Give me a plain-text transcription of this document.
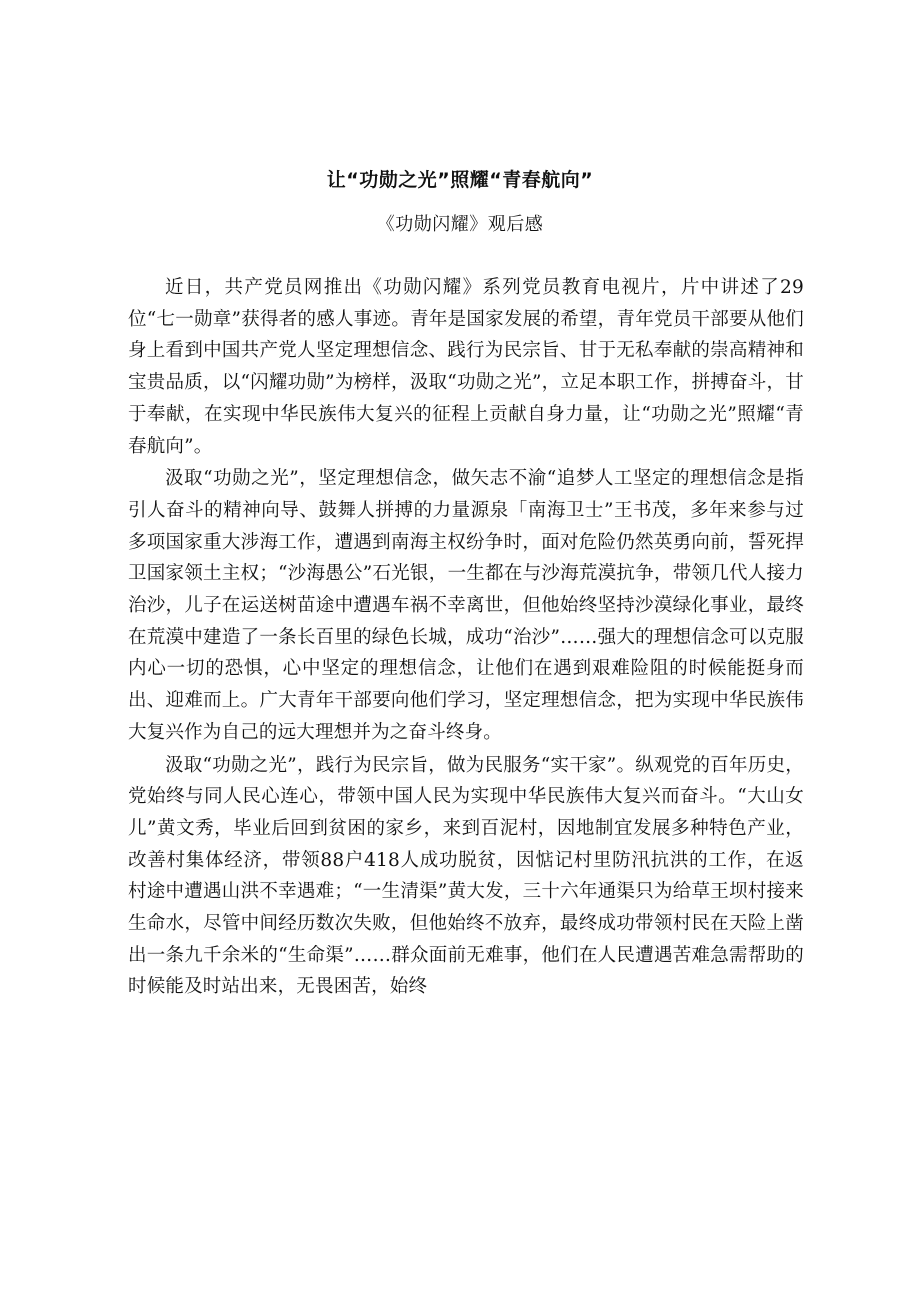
让“功勋之光”照耀“青春航向”
《功勋闪耀》观后感

近日，共产党员网推出《功勋闪耀》系列党员教育电视片，片中讲述了29位“七一勋章”获得者的感人事迹。青年是国家发展的希望，青年党员干部要从他们身上看到中国共产党人坚定理想信念、践行为民宗旨、甘于无私奉献的崇高精神和宝贵品质，以“闪耀功勋”为榜样，汲取“功勋之光”，立足本职工作，拼搏奋斗，甘于奉献，在实现中华民族伟大复兴的征程上贡献自身力量，让“功勋之光”照耀“青春航向”。

汲取“功勋之光”，坚定理想信念，做矢志不渝“追梦人工坚定的理想信念是指引人奋斗的精神向导、鼓舞人拼搏的力量源泉「南海卫士”王书茂，多年来参与过多项国家重大涉海工作，遭遇到南海主权纷争时，面对危险仍然英勇向前，誓死捍卫国家领土主权；“沙海愚公”石光银，一生都在与沙海荒漠抗争，带领几代人接力治沙，儿子在运送树苗途中遭遇车祸不幸离世，但他始终坚持沙漠绿化事业，最终在荒漠中建造了一条长百里的绿色长城，成功“治沙”……强大的理想信念可以克服内心一切的恐惧，心中坚定的理想信念，让他们在遇到艰难险阻的时候能挺身而出、迎难而上。广大青年干部要向他们学习，坚定理想信念，把为实现中华民族伟大复兴作为自己的远大理想并为之奋斗终身。

汲取“功勋之光”，践行为民宗旨，做为民服务“实干家”。纵观党的百年历史，党始终与同人民心连心，带领中国人民为实现中华民族伟大复兴而奋斗。“大山女儿”黄文秀，毕业后回到贫困的家乡，来到百泥村，因地制宜发展多种特色产业，改善村集体经济，带领88户418人成功脱贫，因惦记村里防汛抗洪的工作，在返村途中遭遇山洪不幸遇难；“一生清渠”黄大发，三十六年通渠只为给草王坝村接来生命水，尽管中间经历数次失败，但他始终不放弃，最终成功带领村民在天险上凿出一条九千余米的“生命渠”……群众面前无难事，他们在人民遭遇苦难急需帮助的时候能及时站出来，无畏困苦，始终
